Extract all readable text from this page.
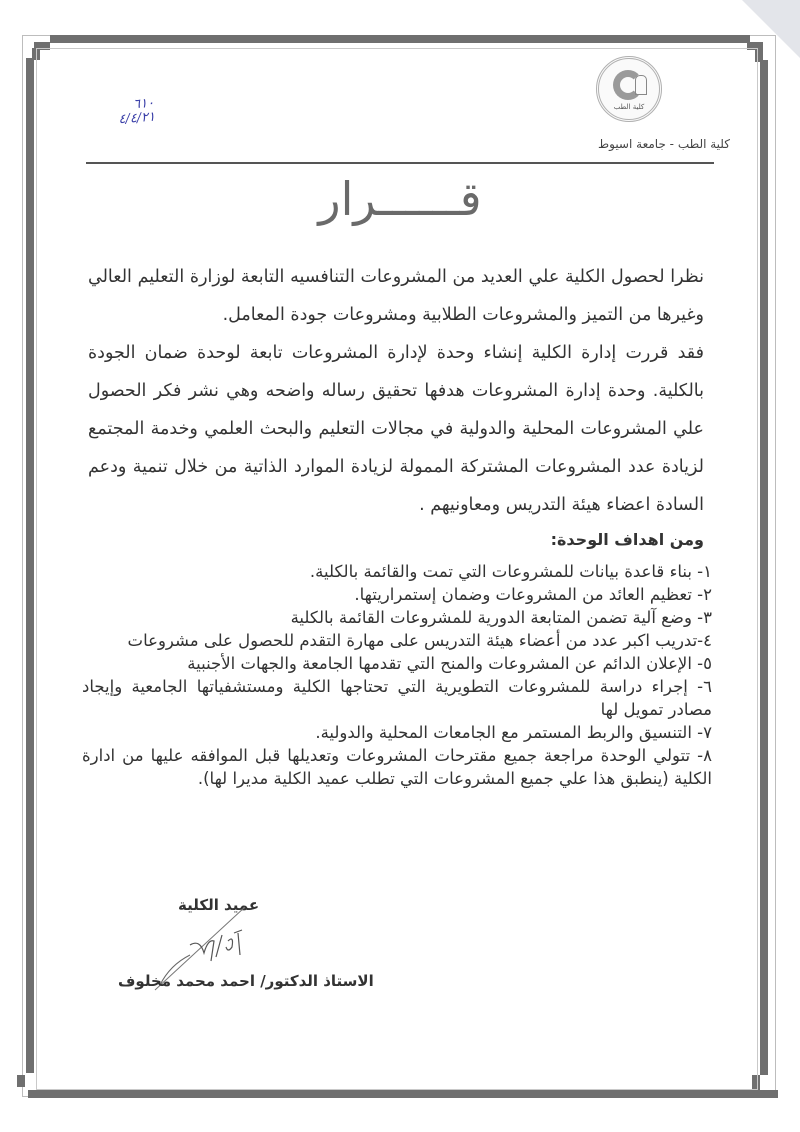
كلية الطب
كلية الطب - جامعة اسيوط
٦١٠
٤/٤/٢١
قــــــرار

نظرا لحصول الكلية علي العديد من المشروعات التنافسيه التابعة لوزارة التعليم العالي وغيرها من التميز والمشروعات الطلابية ومشروعات جودة المعامل.

فقد قررت إدارة الكلية إنشاء وحدة لإدارة المشروعات تابعة لوحدة ضمان الجودة بالكلية. وحدة إدارة المشروعات هدفها تحقيق رساله واضحه وهي نشر فكر الحصول علي المشروعات المحلية والدولية في مجالات التعليم والبحث العلمي وخدمة المجتمع لزيادة عدد المشروعات المشتركة الممولة لزيادة الموارد الذاتية من خلال تنمية ودعم السادة اعضاء هيئة التدريس ومعاونيهم .

ومن اهداف الوحدة:
١- بناء قاعدة بيانات للمشروعات التي تمت والقائمة بالكلية.
٢- تعظيم العائد من المشروعات وضمان إستمراريتها.
٣- وضع آلية تضمن المتابعة الدورية للمشروعات القائمة بالكلية
٤-تدريب اكبر عدد من أعضاء هيئة التدريس على مهارة التقدم للحصول على مشروعات
٥- الإعلان الدائم عن المشروعات والمنح التي تقدمها الجامعة والجهات الأجنبية
٦- إجراء دراسة للمشروعات التطويرية التي تحتاجها الكلية ومستشفياتها الجامعية وإيجاد مصادر تمويل لها
٧- التنسيق والربط المستمر مع الجامعات المحلية والدولية.
٨- تتولي الوحدة مراجعة جميع مقترحات المشروعات وتعديلها قبل الموافقه عليها من ادارة الكلية (ينطبق هذا علي جميع المشروعات التي تطلب عميد الكلية مديرا لها).
عميد الكلية
الاستاذ الدكتور/ احمد محمد مخلوف
